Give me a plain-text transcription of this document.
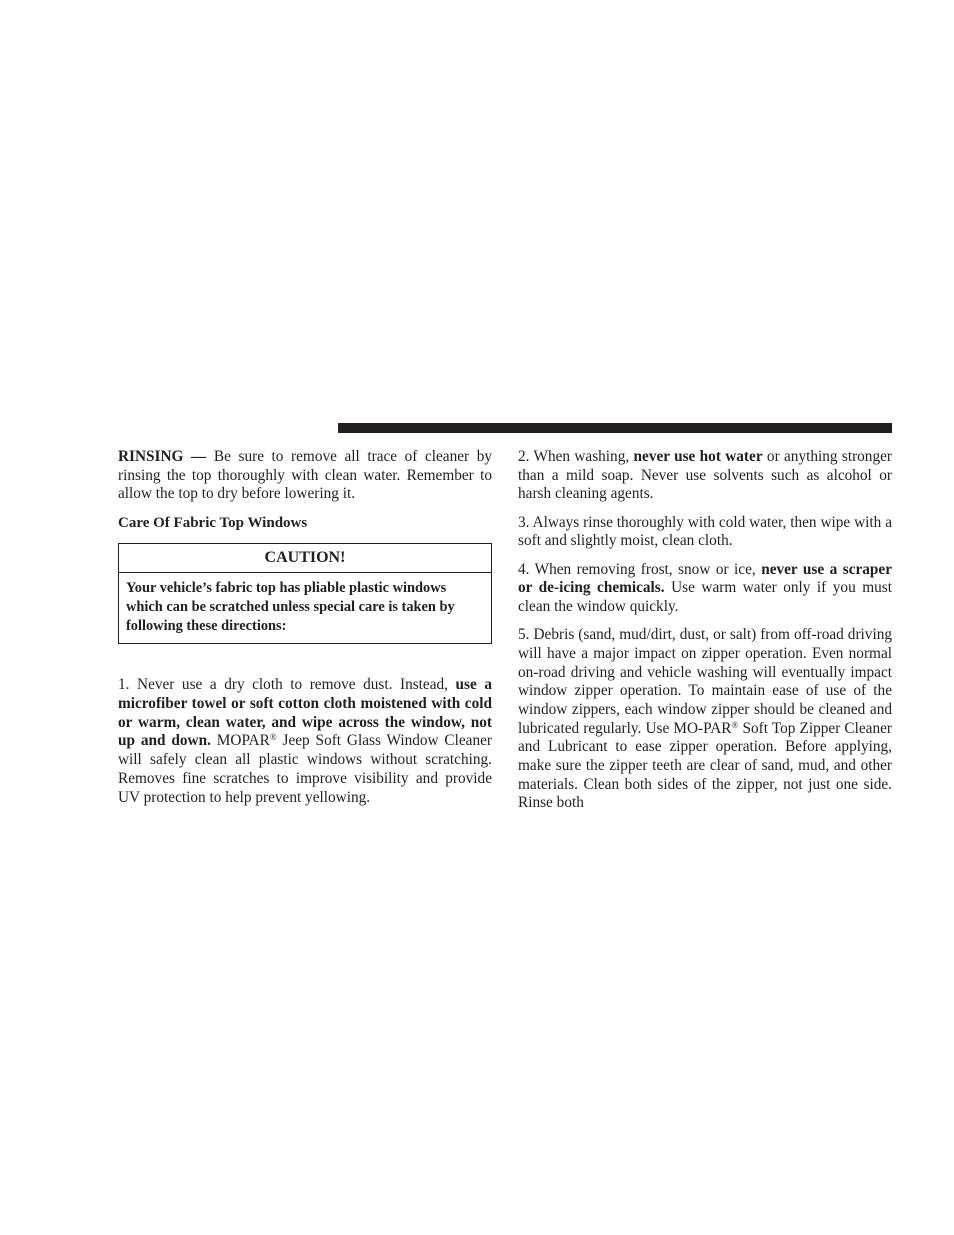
RINSING — Be sure to remove all trace of cleaner by rinsing the top thoroughly with clean water. Remember to allow the top to dry before lowering it.

Care Of Fabric Top Windows

CAUTION!
Your vehicle’s fabric top has pliable plastic windows which can be scratched unless special care is taken by following these directions:

1. Never use a dry cloth to remove dust. Instead, use a microfiber towel or soft cotton cloth moistened with cold or warm, clean water, and wipe across the window, not up and down. MOPAR® Jeep Soft Glass Window Cleaner will safely clean all plastic windows without scratching. Removes fine scratches to improve visibility and provide UV protection to help prevent yellowing.

2. When washing, never use hot water or anything stronger than a mild soap. Never use solvents such as alcohol or harsh cleaning agents.

3. Always rinse thoroughly with cold water, then wipe with a soft and slightly moist, clean cloth.

4. When removing frost, snow or ice, never use a scraper or de-icing chemicals. Use warm water only if you must clean the window quickly.

5. Debris (sand, mud/dirt, dust, or salt) from off-road driving will have a major impact on zipper operation. Even normal on-road driving and vehicle washing will eventually impact window zipper operation. To maintain ease of use of the window zippers, each window zipper should be cleaned and lubricated regularly. Use MO-PAR® Soft Top Zipper Cleaner and Lubricant to ease zipper operation. Before applying, make sure the zipper teeth are clear of sand, mud, and other materials. Clean both sides of the zipper, not just one side. Rinse both
